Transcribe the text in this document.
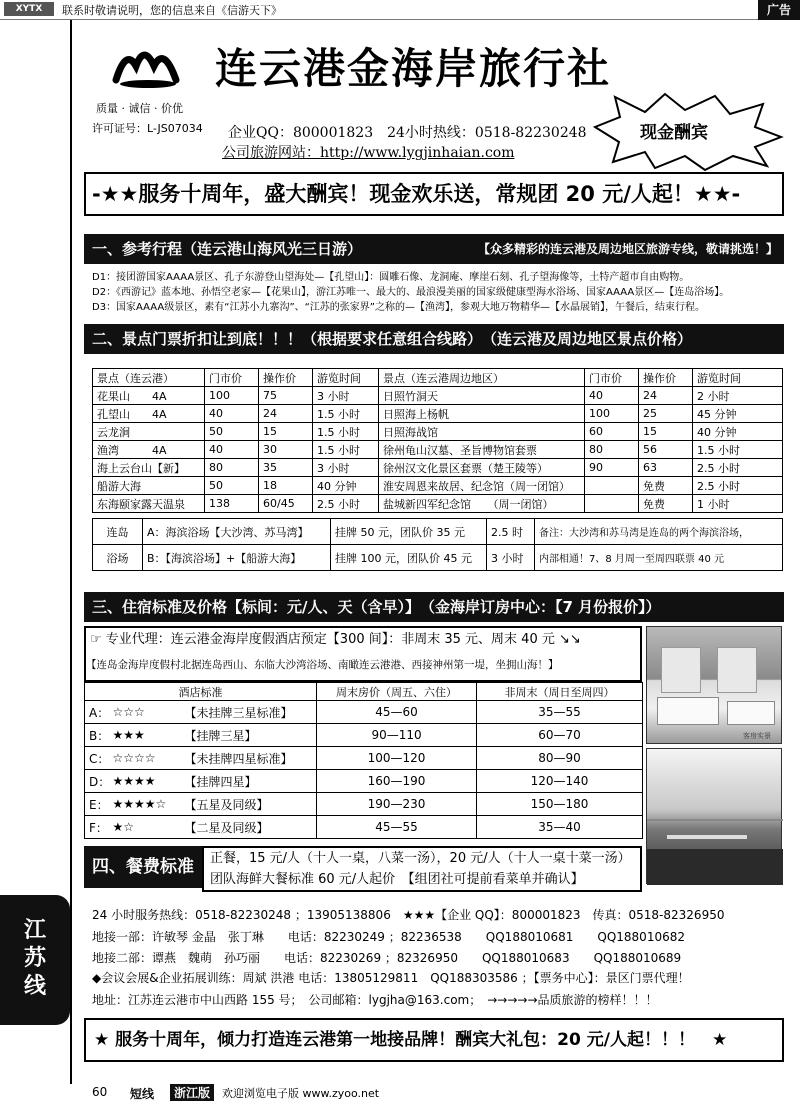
XYTX	联系时敬请说明，您的信息来自《信游天下》	广告
连云港金海岸旅行社
质量 · 诚信 · 价优
许可证号：L-JS07034 企业QQ：800001823　24小时热线：0518-82230248
公司旅游网站：http://www.lygjinhaian.com
现金酬宾
-★★服务十周年，盛大酬宾！现金欢乐送，常规团 20 元/人起！★★-
一、参考行程（连云港山海风光三日游）	【众多精彩的连云港及周边地区旅游专线，敬请挑选！】
D1：接团游国家AAAA景区、孔子东游登山望海处—【孔望山】：圆雕石像、龙洞庵、摩崖石刻、孔子望海像等，土特产超市自由购物。
D2：《西游记》蓝本地、孙悟空老家—【花果山】，游江苏唯一、最大的、最浪漫美丽的国家级健康型海水浴场、国家AAAA景区—【连岛浴场】。
D3：国家AAAA级景区，素有“江苏小九寨沟”、“江苏的张家界”之称的—【渔湾】，参观大地万物精华—【水晶展销】，午餐后，结束行程。
二、景点门票折扣让到底！！！（根据要求任意组合线路）　（连云港及周边地区景点价格）
景点（连云港）	门市价	操作价	游览时间	景点（连云港周边地区）	门市价	操作价	游览时间
花果山　　4A	100	75	3 小时	日照竹洞天	40	24	2 小时
孔望山　　4A	40	24	1.5 小时	日照海上杨帆	100	25	45 分钟
云龙涧	50	15	1.5 小时	日照海战馆	60	15	40 分钟
渔湾　　　4A	40	30	1.5 小时	徐州龟山汉墓、圣旨博物馆套票	80	56	1.5 小时
海上云台山【新】	80	35	3 小时	徐州汉文化景区套票（楚王陵等）	90	63	2.5 小时
船游大海	50	18	40 分钟	淮安周恩来故居、纪念馆（周一闭馆）		免费	2.5 小时
东海颐家露天温泉	138	60/45	2.5 小时	盐城新四军纪念馆　　（周一闭馆）		免费	1 小时
连岛	A：海滨浴场【大沙湾、苏马湾】	挂牌 50 元，团队价 35 元	2.5 时	备注：大沙湾和苏马湾是连岛的两个海滨浴场，
浴场	B：【海滨浴场】+【船游大海】	挂牌 100 元，团队价 45 元	3 小时	内部相通！7、8 月周一至周四联票 40 元
三、住宿标准及价格【标间：元/人、天（含早）】　（金海岸订房中心：【7 月份报价】）
☞ 专业代理：连云港金海岸度假酒店预定【300 间】：非周末 35 元、周末 40 元 ↘↘
【连岛金海岸度假村北据连岛西山、东临大沙湾浴场、南瞰连云港港、西接神州第一堤，坐拥山海！】
酒店标准			周末房价（周五、六住）	非周末（周日至周四）
A：	☆☆☆	【未挂牌三星标准】	45—60	35—55
B：	★★★	【挂牌三星】	90—110	60—70
C：	☆☆☆☆	【未挂牌四星标准】	100—120	80—90
D：	★★★★	【挂牌四星】	160—190	120—140
E：	★★★★☆	【五星及同级】	190—230	150—180
F：	★☆	【二星及同级】	45—55	35—40
客房实景
四、餐费标准	正餐，15 元/人（十人一桌，八菜一汤），20 元/人（十人一桌十菜一汤）
团队海鲜大餐标准 60 元/人起价　【组团社可提前看菜单并确认】
24 小时服务热线：0518-82230248 ；13905138806　★★★【企业 QQ】：800001823　传真：0518-82326950
地接一部：许敏琴 金晶　张丁琳　　电话：82230249 ；82236538　　QQ188010681　　QQ188010682
地接二部：谭燕　魏萌　孙巧丽　　电话：82230269 ；82326950　　QQ188010683　　QQ188010689
◆会议会展&企业拓展训练：周斌 洪港 电话：13805129811　QQ188303586 ；【票务中心】：景区门票代理！
地址：江苏连云港市中山西路 155 号；　公司邮箱：lygjha@163.com；　→→→→→品质旅游的榜样！！！
★ 服务十周年，倾力打造连云港第一地接品牌！酬宾大礼包：20 元/人起！！！　★
江苏线
60 短线	浙江版	欢迎浏览电子版 www.zyoo.net
